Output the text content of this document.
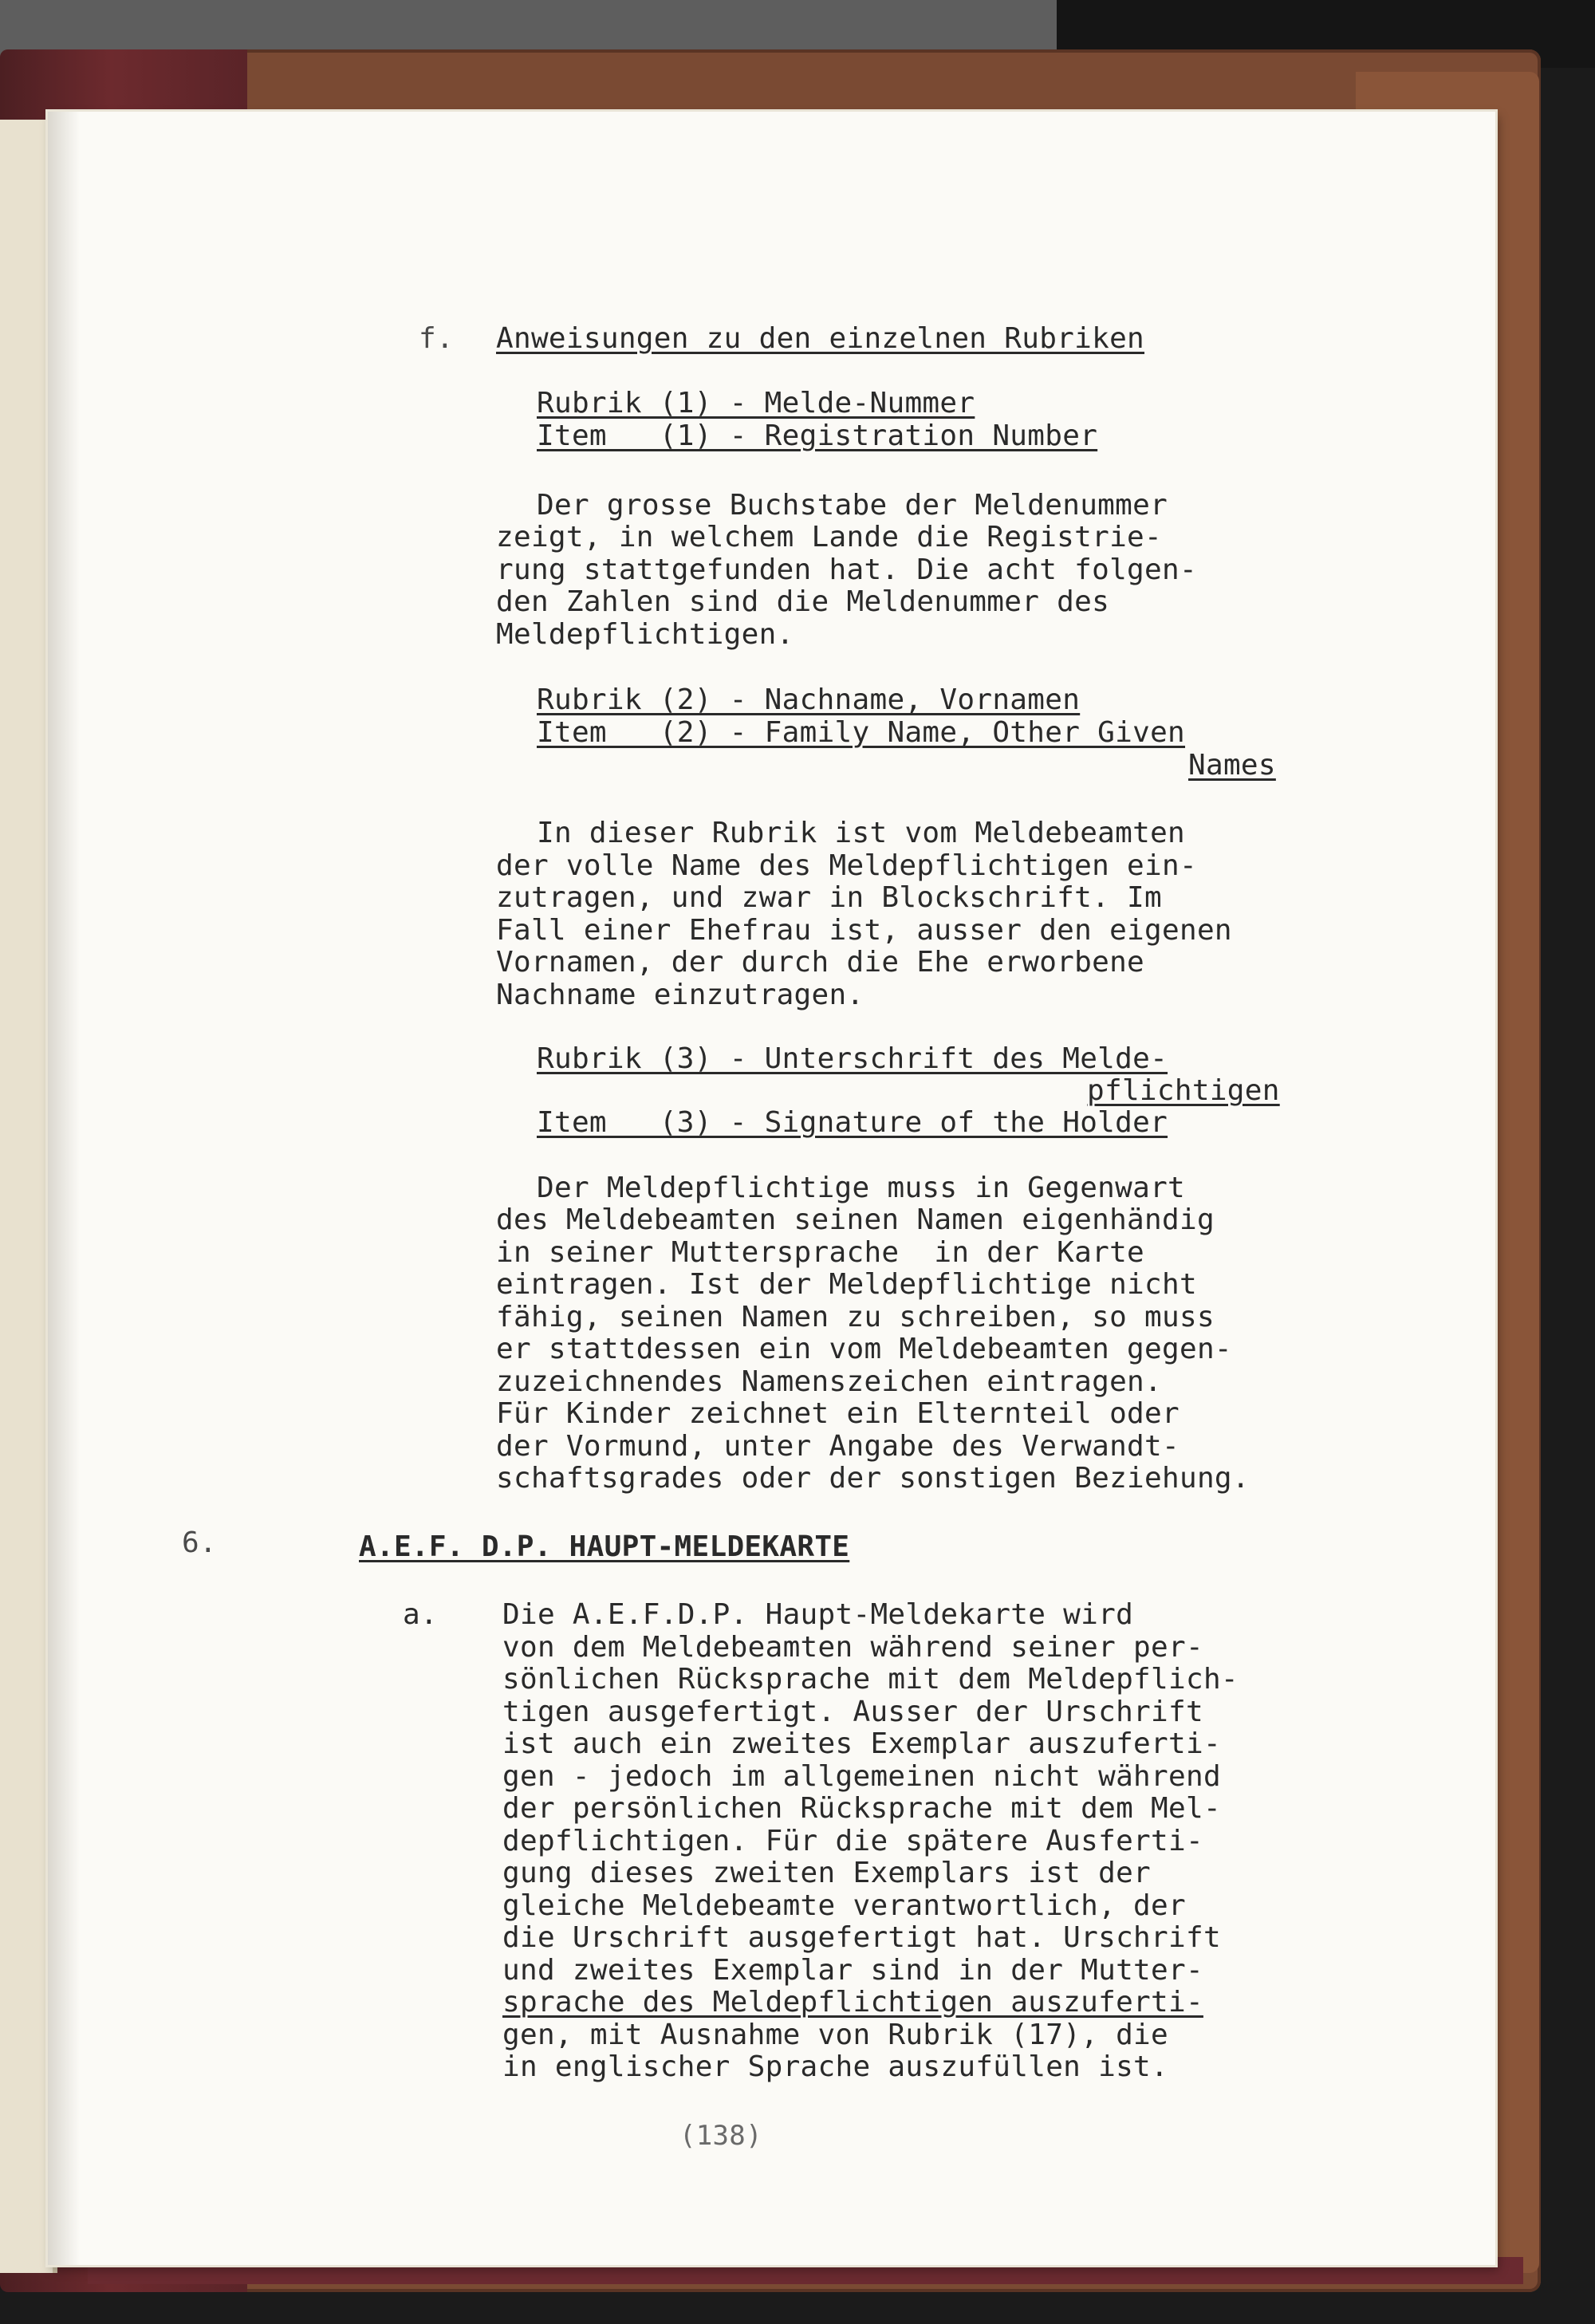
f. Anweisungen zu den einzelnen Rubriken

Rubrik (1) - Melde-Nummer

Item   (1) - Registration Number

Der grosse Buchstabe der Meldenummer

zeigt, in welchem Lande die Registrie-

rung stattgefunden hat. Die acht folgen-

den Zahlen sind die Meldenummer des

Meldepflichtigen.

Rubrik (2) - Nachname, Vornamen

Item   (2) - Family Name, Other Given

Names

In dieser Rubrik ist vom Meldebeamten

der volle Name des Meldepflichtigen ein-

zutragen, und zwar in Blockschrift. Im

Fall einer Ehefrau ist, ausser den eigenen

Vornamen, der durch die Ehe erworbene

Nachname einzutragen.

Rubrik (3) - Unterschrift des Melde-

pflichtigen

Item   (3) - Signature of the Holder

Der Meldepflichtige muss in Gegenwart

des Meldebeamten seinen Namen eigenhändig

in seiner Muttersprache  in der Karte

eintragen. Ist der Meldepflichtige nicht

fähig, seinen Namen zu schreiben, so muss

er stattdessen ein vom Meldebeamten gegen-

zuzeichnendes Namenszeichen eintragen.

Für Kinder zeichnet ein Elternteil oder

der Vormund, unter Angabe des Verwandt-

schaftsgrades oder der sonstigen Beziehung.

6.	A.E.F. D.P. HAUPT-MELDEKARTE

a. Die A.E.F.D.P. Haupt-Meldekarte wird

von dem Meldebeamten während seiner per-

sönlichen Rücksprache mit dem Meldepflich-

tigen ausgefertigt. Ausser der Urschrift

ist auch ein zweites Exemplar auszuferti-

gen - jedoch im allgemeinen nicht während

der persönlichen Rücksprache mit dem Mel-

depflichtigen. Für die spätere Ausferti-

gung dieses zweiten Exemplars ist der

gleiche Meldebeamte verantwortlich, der

die Urschrift ausgefertigt hat. Urschrift

und zweites Exemplar sind in der Mutter-

sprache des Meldepflichtigen auszuferti-

gen, mit Ausnahme von Rubrik (17), die

in englischer Sprache auszufüllen ist.

(138)
